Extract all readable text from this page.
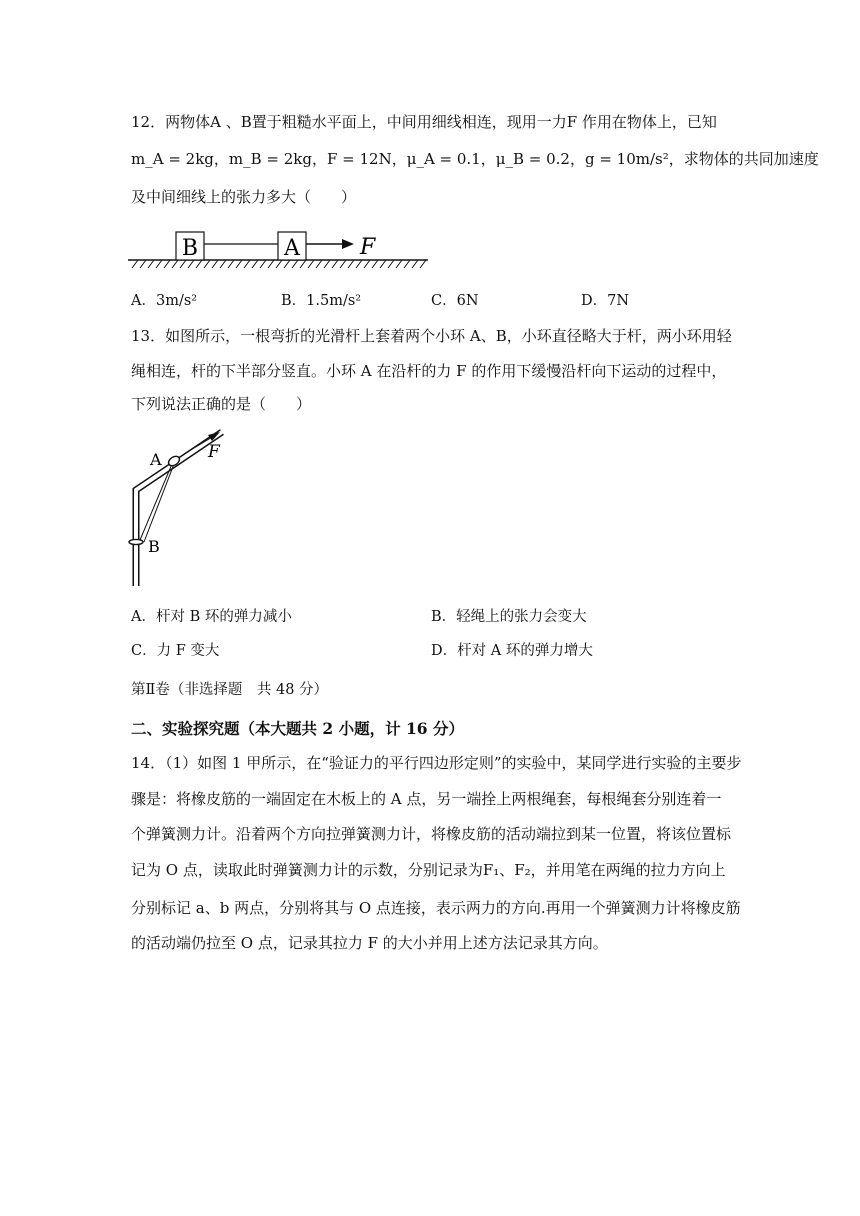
12．两物体A 、B置于粗糙水平面上，中间用细线相连，现用一力F 作用在物体上，已知
m_A = 2kg，m_B = 2kg，F = 12N，μ_A = 0.1，μ_B = 0.2，g = 10m/s²，求物体的共同加速度
及中间细线上的张力多大（　　）
B	A	F
A．3m/s²	B．1.5m/s²	C．6N	D．7N
13．如图所示，一根弯折的光滑杆上套着两个小环 A、B，小环直径略大于杆，两小环用轻
绳相连，杆的下半部分竖直。小环 A 在沿杆的力 F 的作用下缓慢沿杆向下运动的过程中，
下列说法正确的是（　　）
A
B
F
A．杆对 B 环的弹力减小	B．轻绳上的张力会变大
C．力 F 变大	D．杆对 A 环的弹力增大
第Ⅱ卷（非选择题　共 48 分）
二、实验探究题（本大题共 2 小题，计 16 分）
14．（1）如图 1 甲所示，在“验证力的平行四边形定则”的实验中，某同学进行实验的主要步
骤是：将橡皮筋的一端固定在木板上的 A 点，另一端拴上两根绳套，每根绳套分别连着一
个弹簧测力计。沿着两个方向拉弹簧测力计，将橡皮筋的活动端拉到某一位置，将该位置标
记为 O 点，读取此时弹簧测力计的示数，分别记录为F₁、F₂，并用笔在两绳的拉力方向上
分别标记 a、b 两点，分别将其与 O 点连接，表示两力的方向.再用一个弹簧测力计将橡皮筋
的活动端仍拉至 O 点，记录其拉力 F 的大小并用上述方法记录其方向。
